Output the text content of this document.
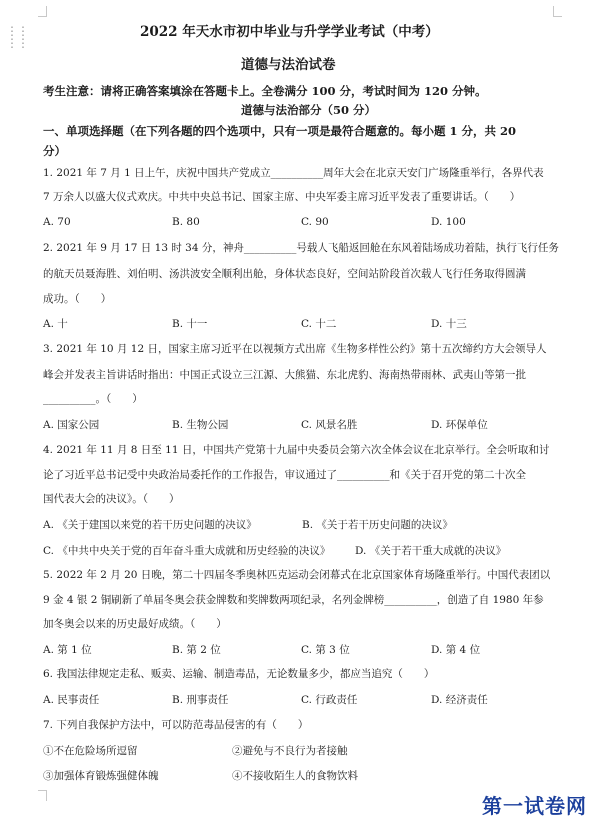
⋮⋮
⋮⋮
2022 年天水市初中毕业与升学学业考试（中考）
道德与法治试卷
考生注意：请将正确答案填涂在答题卡上。全卷满分 100 分，考试时间为 120 分钟。
道德与法治部分（50 分）
一、单项选择题（在下列各题的四个选项中，只有一项是最符合题意的。每小题 1 分，共 20
分）
1. 2021 年 7 月 1 日上午，庆祝中国共产党成立__________周年大会在北京天安门广场隆重举行，各界代表
7 万余人以盛大仪式欢庆。中共中央总书记、国家主席、中央军委主席习近平发表了重要讲话。（　　）
A. 70	B. 80	C. 90	D. 100
2. 2021 年 9 月 17 日 13 时 34 分，神舟__________号载人飞船返回舱在东风着陆场成功着陆，执行飞行任务
的航天员聂海胜、刘伯明、汤洪波安全顺利出舱，身体状态良好，空间站阶段首次载人飞行任务取得圆满
成功。（　　）
A. 十	B. 十一	C. 十二	D. 十三
3. 2021 年 10 月 12 日，国家主席习近平在以视频方式出席《生物多样性公约》第十五次缔约方大会领导人
峰会并发表主旨讲话时指出：中国正式设立三江源、大熊猫、东北虎豹、海南热带雨林、武夷山等第一批
__________。（　　）
A. 国家公园	B. 生物公园	C. 风景名胜	D. 环保单位
4. 2021 年 11 月 8 日至 11 日，中国共产党第十九届中央委员会第六次全体会议在北京举行。全会听取和讨
论了习近平总书记受中央政治局委托作的工作报告，审议通过了__________和《关于召开党的第二十次全
国代表大会的决议》。（　　）
A. 《关于建国以来党的若干历史问题的决议》	B. 《关于若干历史问题的决议》
C. 《中共中央关于党的百年奋斗重大成就和历史经验的决议》 D. 《关于若干重大成就的决议》
5. 2022 年 2 月 20 日晚，第二十四届冬季奥林匹克运动会闭幕式在北京国家体育场隆重举行。中国代表团以
9 金 4 银 2 铜刷新了单届冬奥会获金牌数和奖牌数两项纪录，名列金牌榜__________，创造了自 1980 年参
加冬奥会以来的历史最好成绩。（　　）
A. 第 1 位	B. 第 2 位	C. 第 3 位	D. 第 4 位
6. 我国法律规定走私、贩卖、运输、制造毒品，无论数量多少，都应当追究（　　）
A. 民事责任	B. 刑事责任	C. 行政责任	D. 经济责任
7. 下列自我保护方法中，可以防范毒品侵害的有（　　）
①不在危险场所逗留	②避免与不良行为者接触
③加强体育锻炼强健体魄	④不接收陌生人的食物饮料
第一试卷网
